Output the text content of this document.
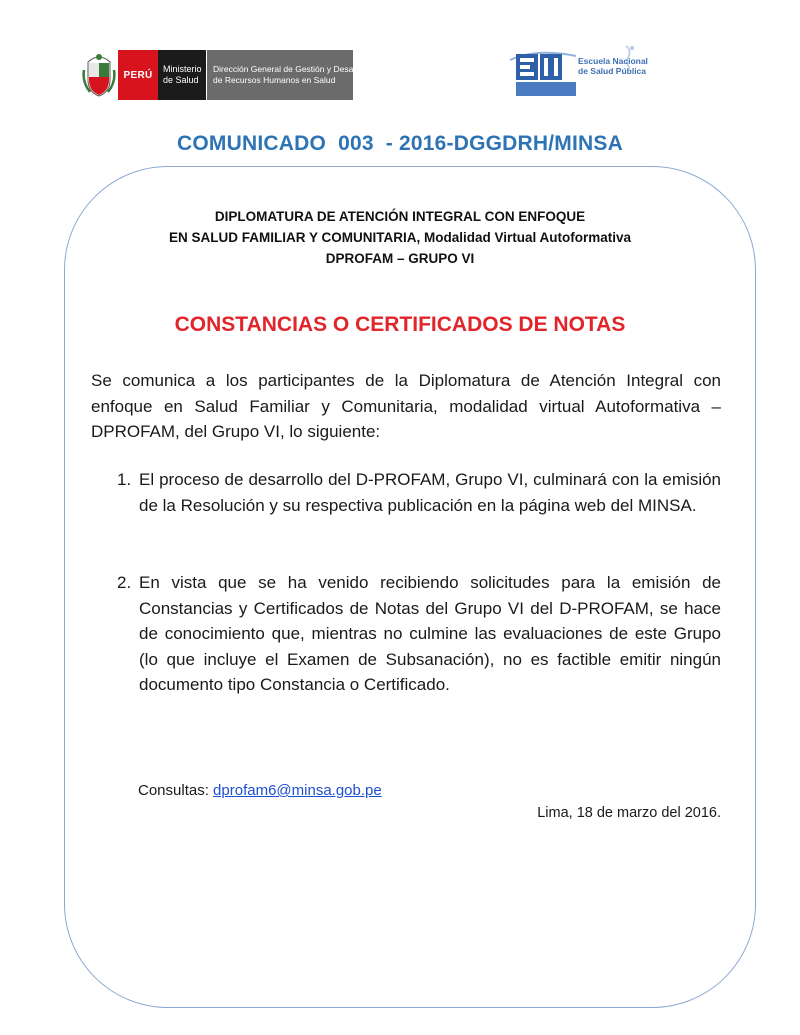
PERÚ
Ministerio
de Salud
Dirección General de Gestión y Desarrollo
de Recursos Humanos en Salud
Escuela Nacional
de Salud Pública
COMUNICADO  003  - 2016-DGGDRH/MINSA
DIPLOMATURA DE ATENCIÓN INTEGRAL CON ENFOQUE
EN SALUD FAMILIAR Y COMUNITARIA, Modalidad Virtual Autoformativa
DPROFAM – GRUPO VI
CONSTANCIAS O CERTIFICADOS DE NOTAS
Se comunica a los participantes de la Diplomatura de Atención Integral con enfoque en Salud Familiar y Comunitaria, modalidad virtual Autoformativa – DPROFAM, del Grupo VI, lo siguiente:
1. El proceso de desarrollo del D-PROFAM, Grupo VI, culminará con la emisión de la Resolución y su respectiva publicación en la página web del MINSA.
2. En vista que se ha venido recibiendo solicitudes para la emisión de Constancias y Certificados de Notas del Grupo VI del D-PROFAM, se hace de conocimiento que, mientras no culmine las evaluaciones de este Grupo (lo que incluye el Examen de Subsanación), no es factible emitir ningún documento tipo Constancia o Certificado.
Consultas: dprofam6@minsa.gob.pe
Lima, 18 de marzo del 2016.
